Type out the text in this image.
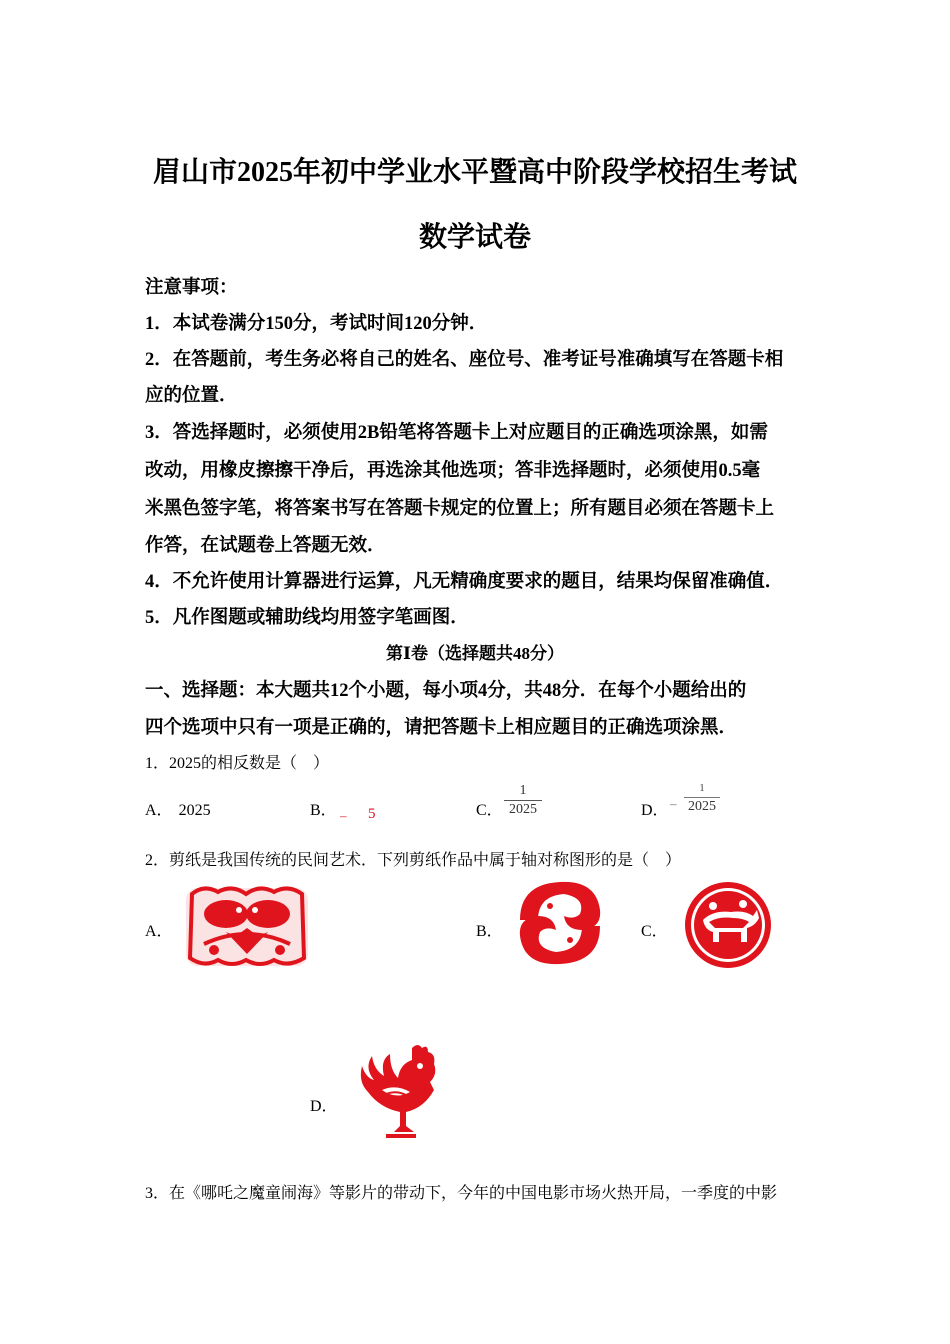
眉山市2025年初中学业水平暨高中阶段学校招生考试
数学试卷
注意事项：
1．本试卷满分150分，考试时间120分钟．
2．在答题前，考生务必将自己的姓名、座位号、准考证号准确填写在答题卡相
应的位置．
3．答选择题时，必须使用2B铅笔将答题卡上对应题目的正确选项涂黑，如需
改动，用橡皮擦擦干净后，再选涂其他选项；答非选择题时，必须使用0.5毫
米黑色签字笔，将答案书写在答题卡规定的位置上；所有题目必须在答题卡上
作答，在试题卷上答题无效．
4．不允许使用计算器进行运算，凡无精确度要求的题目，结果均保留准确值．
5．凡作图题或辅助线均用签字笔画图．
第Ⅰ卷（选择题共48分）
一、选择题：本大题共12个小题，每小项4分，共48分．在每个小题给出的
四个选项中只有一项是正确的，请把答题卡上相应题目的正确选项涂黑．
1．2025的相反数是（　）
A． 2025	B． – 5	C．
1
2025	D． –
1
2025
2．剪纸是我国传统的民间艺术．下列剪纸作品中属于轴对称图形的是（　）
A．	B．	C．
D．
3．在《哪吒之魔童闹海》等影片的带动下，今年的中国电影市场火热开局，一季度的中影
